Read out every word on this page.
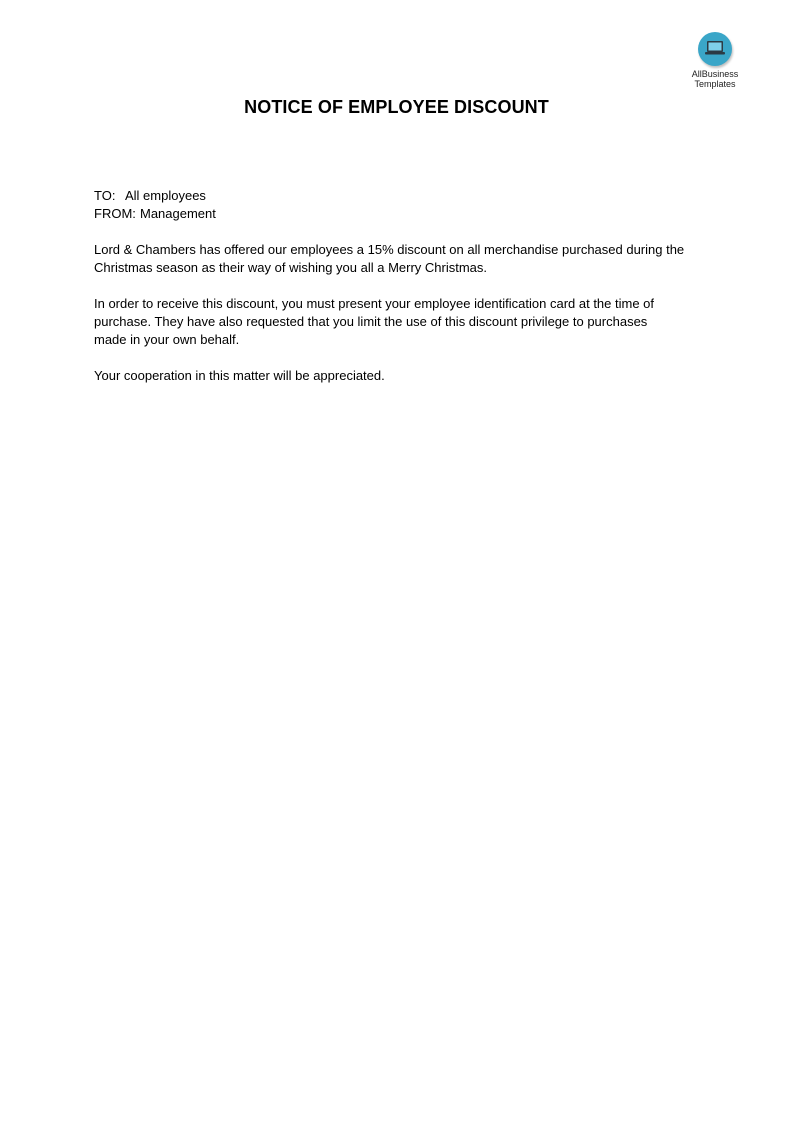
AllBusiness
Templates
NOTICE OF EMPLOYEE DISCOUNT
TO: All employees
FROM: Management
Lord & Chambers has offered our employees a 15% discount on all merchandise purchased during the
Christmas season as their way of wishing you all a Merry Christmas.
In order to receive this discount, you must present your employee identification card at the time of
purchase. They have also requested that you limit the use of this discount privilege to purchases
made in your own behalf.
Your cooperation in this matter will be appreciated.
